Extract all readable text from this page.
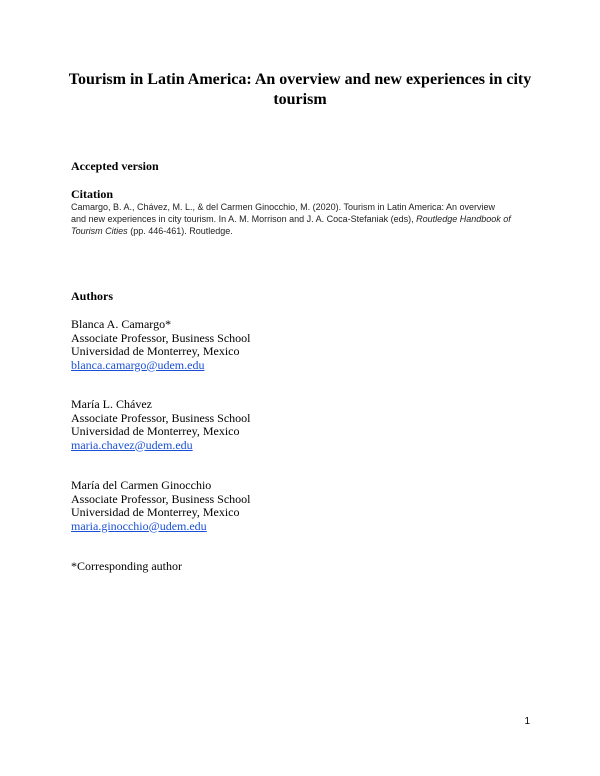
Tourism in Latin America: An overview and new experiences in city tourism
Accepted version
Citation
Camargo, B. A., Chávez, M. L., & del Carmen Ginocchio, M. (2020). Tourism in Latin America: An overview and new experiences in city tourism. In A. M. Morrison and J. A. Coca-Stefaniak (eds), Routledge Handbook of Tourism Cities (pp. 446-461). Routledge.
Authors
Blanca A. Camargo*
Associate Professor, Business School
Universidad de Monterrey, Mexico
blanca.camargo@udem.edu
María L. Chávez
Associate Professor, Business School
Universidad de Monterrey, Mexico
maria.chavez@udem.edu
María del Carmen Ginocchio
Associate Professor, Business School
Universidad de Monterrey, Mexico
maria.ginocchio@udem.edu
*Corresponding author
1
